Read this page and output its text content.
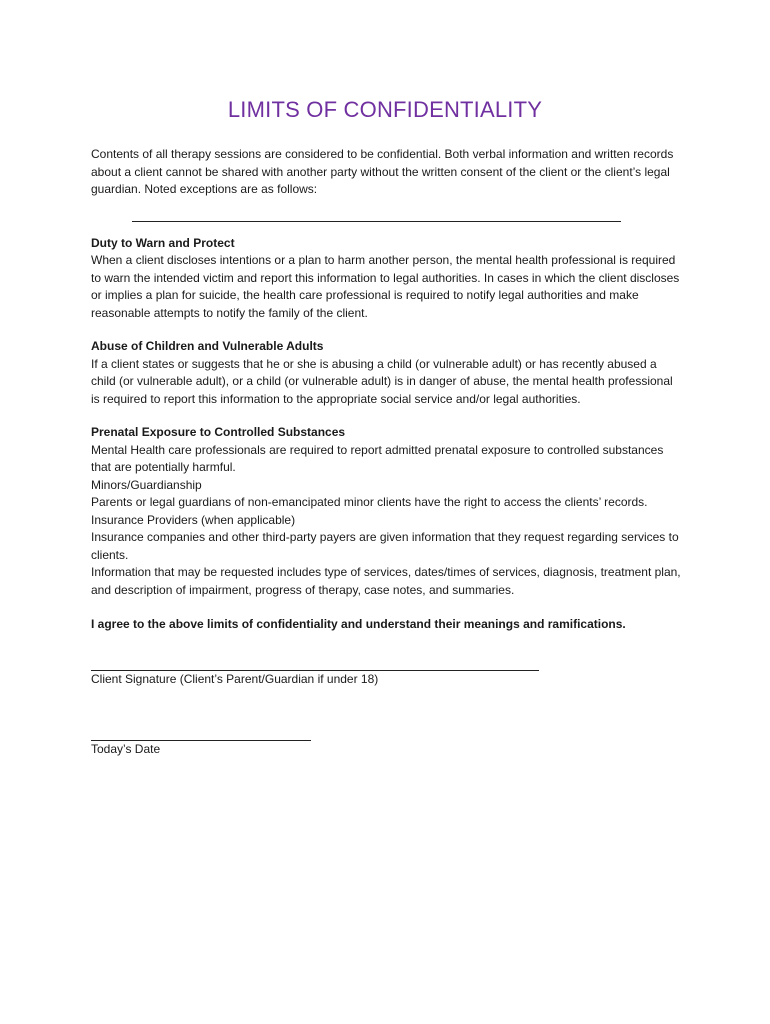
LIMITS OF CONFIDENTIALITY

Contents of all therapy sessions are considered to be confidential. Both verbal information and written records about a client cannot be shared with another party without the written consent of the client or the client’s legal guardian. Noted exceptions are as follows:

Duty to Warn and Protect

When a client discloses intentions or a plan to harm another person, the mental health professional is required to warn the intended victim and report this information to legal authorities. In cases in which the client discloses or implies a plan for suicide, the health care professional is required to notify legal authorities and make reasonable attempts to notify the family of the client.

Abuse of Children and Vulnerable Adults

If a client states or suggests that he or she is abusing a child (or vulnerable adult) or has recently abused a child (or vulnerable adult), or a child (or vulnerable adult) is in danger of abuse, the mental health professional is required to report this information to the appropriate social service and/or legal authorities.

Prenatal Exposure to Controlled Substances

Mental Health care professionals are required to report admitted prenatal exposure to controlled substances that are potentially harmful.

Minors/Guardianship

Parents or legal guardians of non-emancipated minor clients have the right to access the clients’ records.

Insurance Providers (when applicable)

Insurance companies and other third-party payers are given information that they request regarding services to clients.

Information that may be requested includes type of services, dates/times of services, diagnosis, treatment plan, and description of impairment, progress of therapy, case notes, and summaries.

I agree to the above limits of confidentiality and understand their meanings and ramifications.

Client Signature (Client’s Parent/Guardian if under 18)

Today’s Date
